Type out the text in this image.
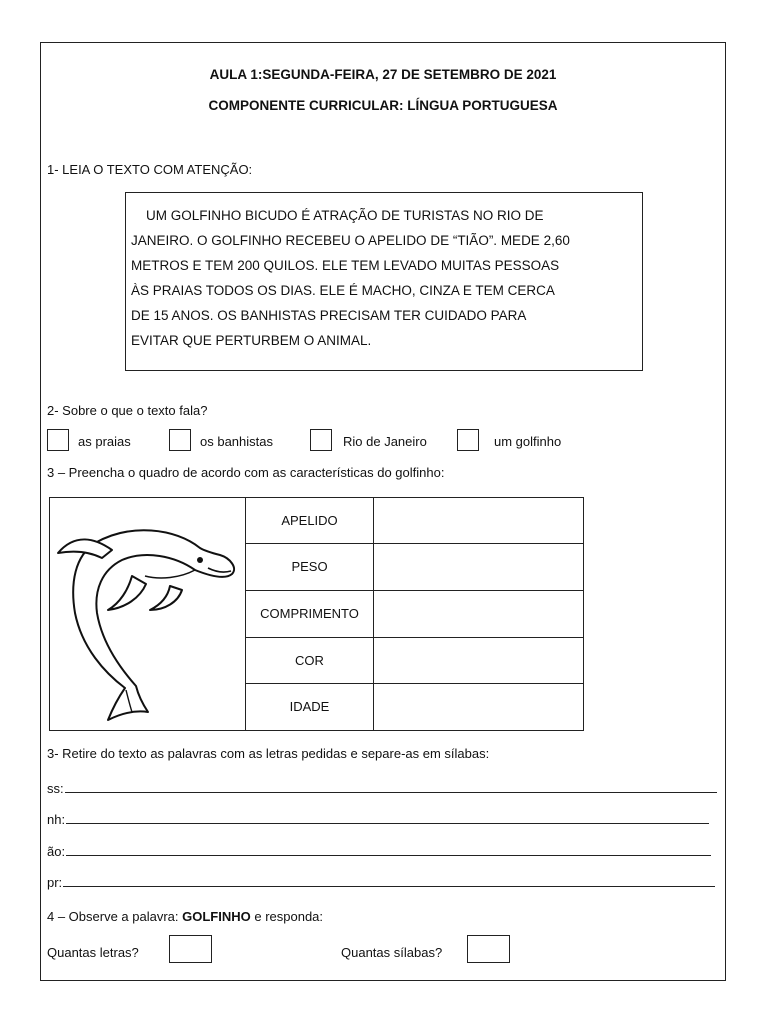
AULA 1:SEGUNDA-FEIRA, 27 DE SETEMBRO DE 2021
COMPONENTE CURRICULAR: LÍNGUA PORTUGUESA
1- LEIA O TEXTO COM ATENÇÃO:

UM GOLFINHO BICUDO É ATRAÇÃO DE TURISTAS NO RIO DE

JANEIRO. O GOLFINHO RECEBEU O APELIDO DE “TIÃO”. MEDE 2,60

METROS E TEM 200 QUILOS. ELE TEM LEVADO MUITAS PESSOAS

ÀS PRAIAS TODOS OS DIAS. ELE É MACHO, CINZA E TEM CERCA

DE 15 ANOS. OS BANHISTAS PRECISAM TER CUIDADO PARA

EVITAR QUE PERTURBEM O ANIMAL.

2- Sobre o que o texto fala?
as praias	os banhistas	Rio de Janeiro	um golfinho
3 – Preencha o quadro de acordo com as características do golfinho:
APELIDO
PESO
COMPRIMENTO
COR
IDADE
3- Retire do texto as palavras com as letras pedidas e separe-as em sílabas:
ss:
nh:
ão:
pr:
4 – Observe a palavra: GOLFINHO e responda:
Quantas letras?	Quantas sílabas?
